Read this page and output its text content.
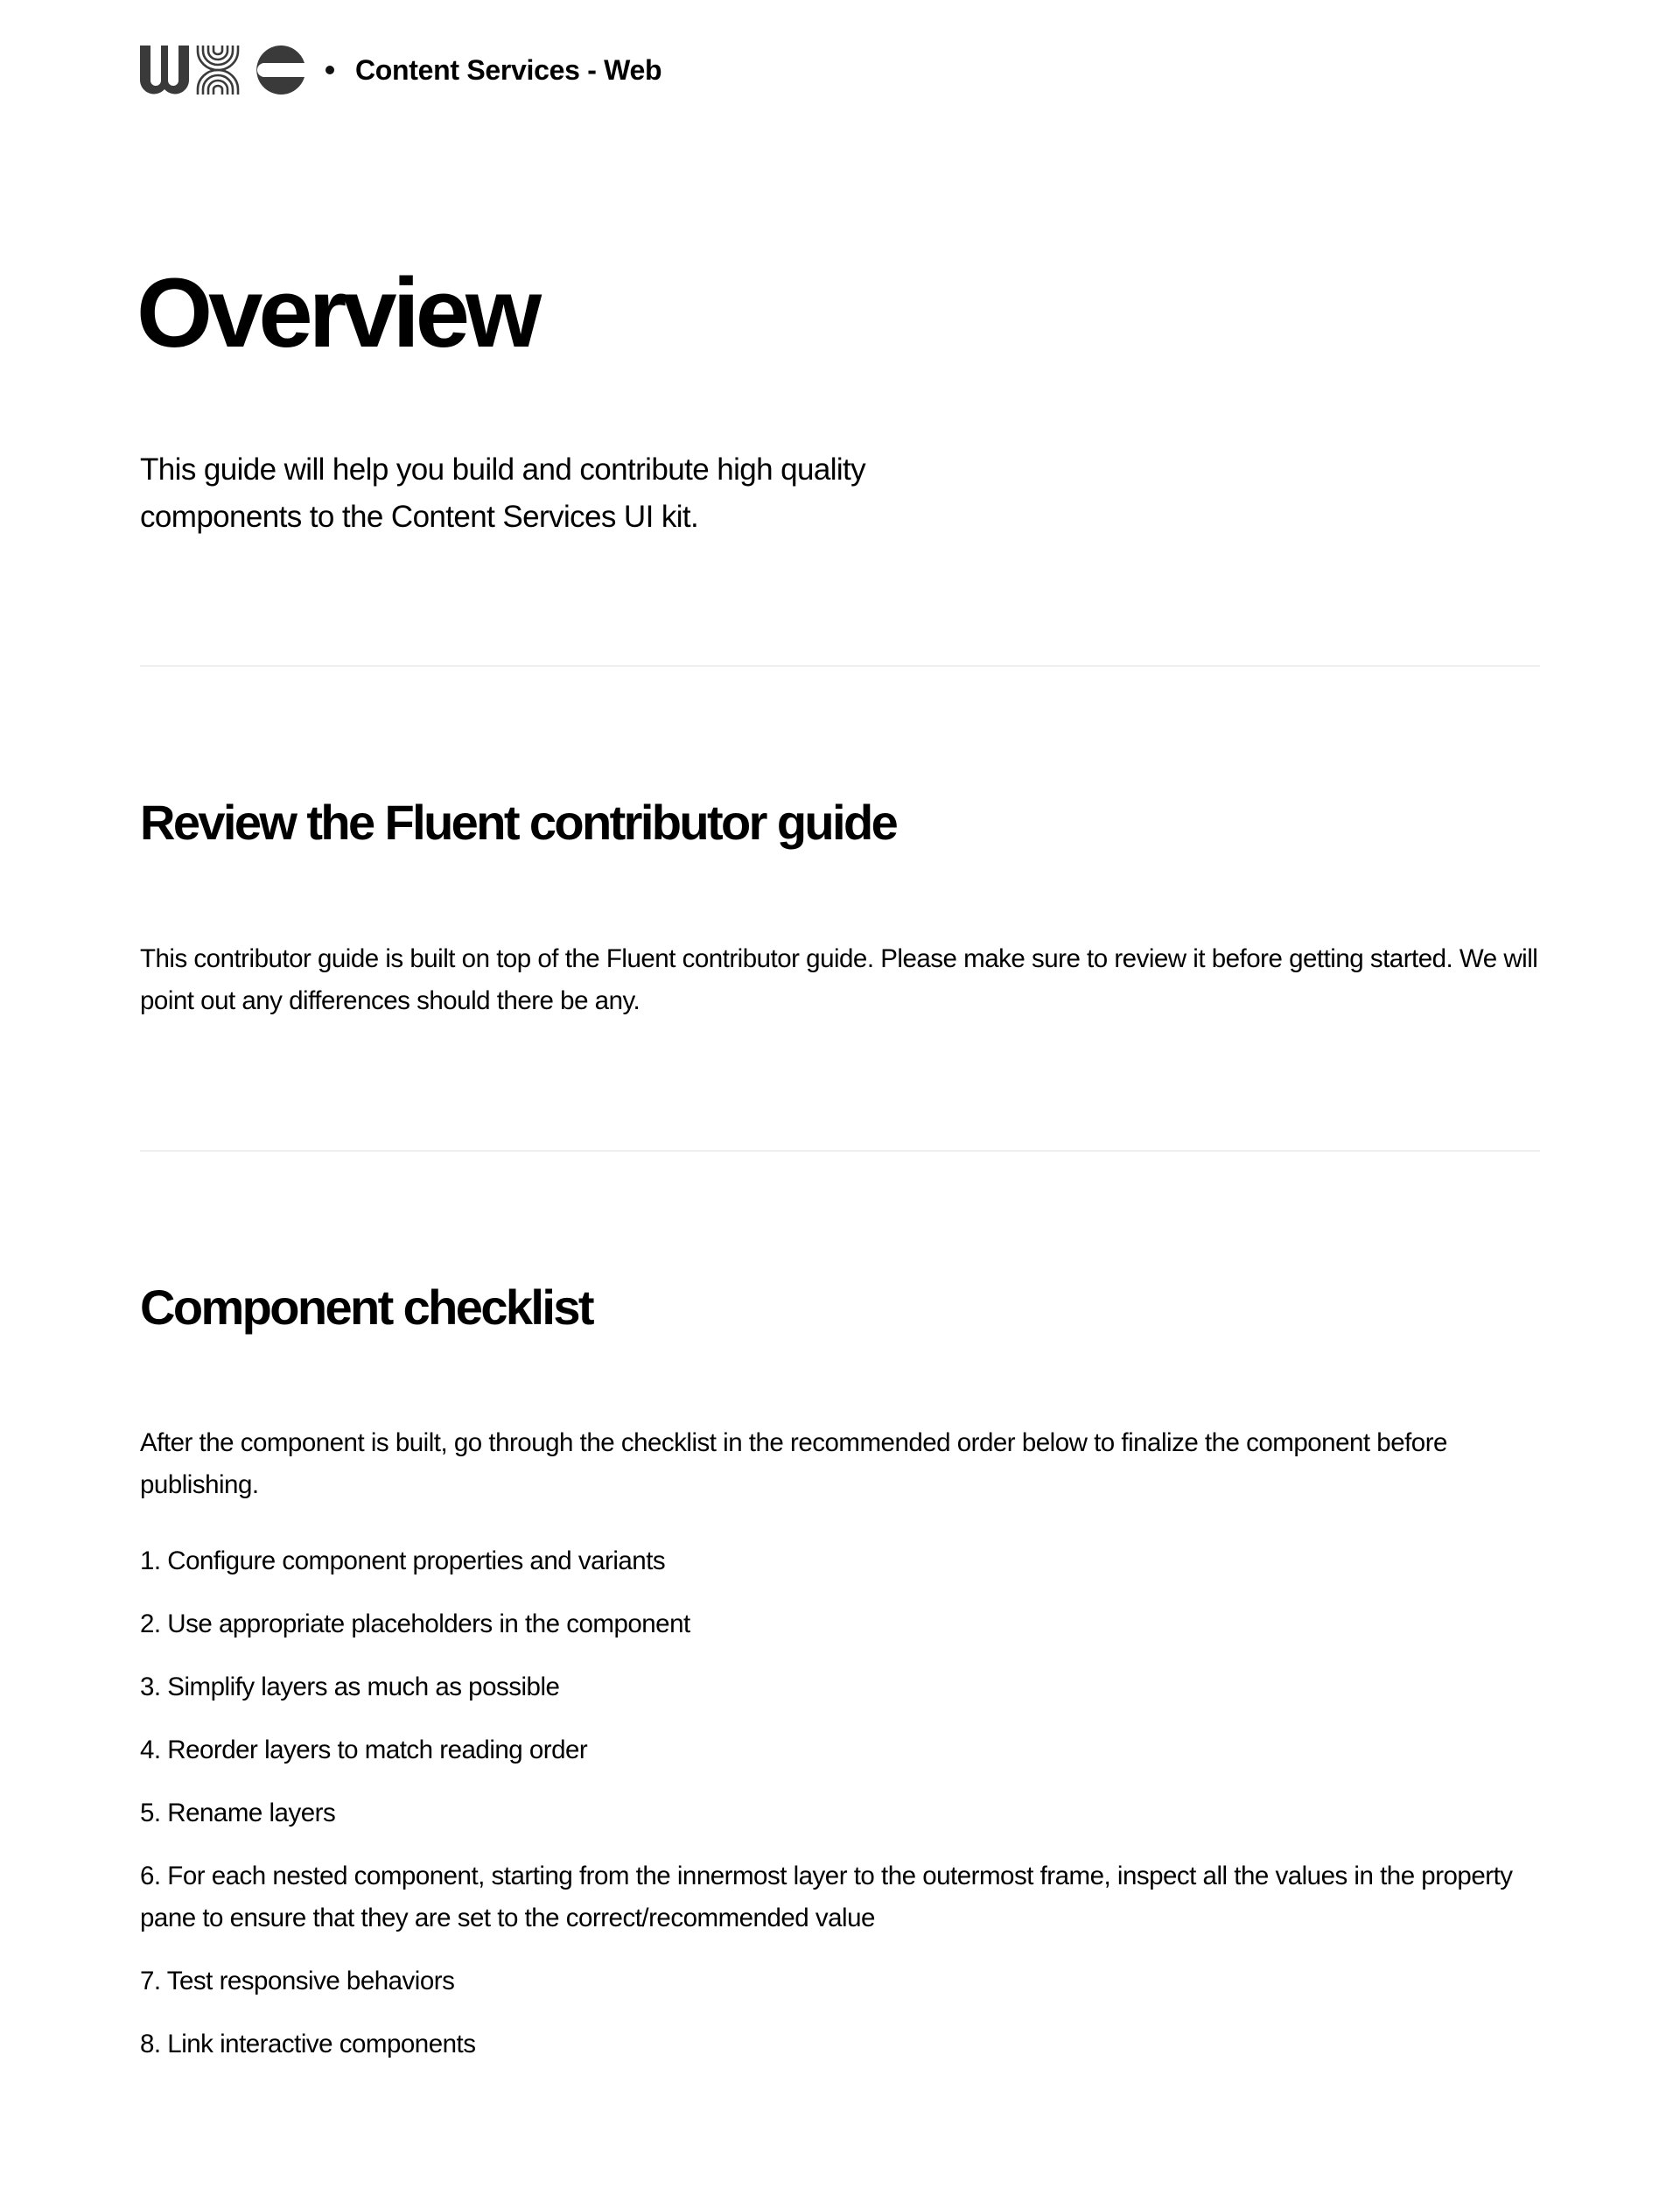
Content Services - Web
Overview

This guide will help you build and contribute high quality components to the Content Services UI kit.

Review the Fluent contributor guide

This contributor guide is built on top of the Fluent contributor guide. Please make sure to review it before getting started. We will point out any differences should there be any.

Component checklist

After the component is built, go through the checklist in the recommended order below to finalize the component before publishing.

1. Configure component properties and variants
2. Use appropriate placeholders in the component
3. Simplify layers as much as possible
4. Reorder layers to match reading order
5. Rename layers
6. For each nested component, starting from the innermost layer to the outermost frame, inspect all the values in the property pane to ensure that they are set to the correct/recommended value
7. Test responsive behaviors
8. Link interactive components
